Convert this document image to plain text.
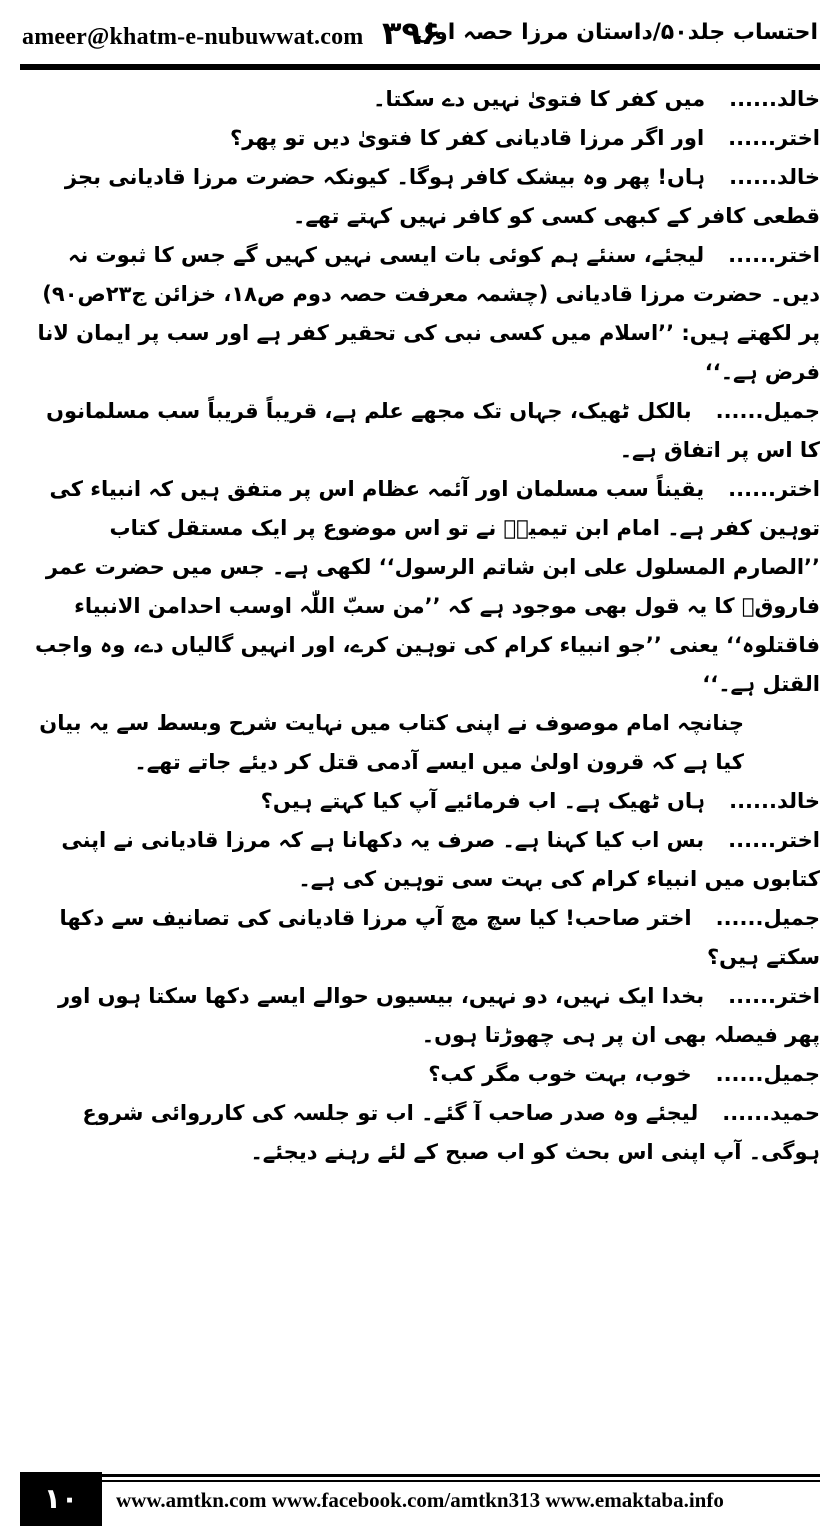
ameer@khatm-e-nubuwwat.com ۳۹۶
احتساب جلد۵۰/داستان مرزا حصہ اول

خالد......میں کفر کا فتویٰ نہیں دے سکتا۔

اختر......اور اگر مرزا قادیانی کفر کا فتویٰ دیں تو پھر؟

خالد......ہاں! پھر وہ بیشک کافر ہوگا۔ کیونکہ حضرت مرزا قادیانی بجز قطعی کافر کے کبھی کسی کو کافر نہیں کہتے تھے۔

اختر......لیجئے، سنئے ہم کوئی بات ایسی نہیں کہیں گے جس کا ثبوت نہ دیں۔ حضرت مرزا قادیانی (چشمہ معرفت حصہ دوم ص۱۸، خزائن ج۲۳ص۹۰) پر لکھتے ہیں: ’’اسلام میں کسی نبی کی تحقیر کفر ہے اور سب پر ایمان لانا فرض ہے۔‘‘

جمیل......بالکل ٹھیک، جہاں تک مجھے علم ہے، قریباً قریباً سب مسلمانوں کا اس پر اتفاق ہے۔

اختر......یقیناً سب مسلمان اور آئمہ عظام اس پر متفق ہیں کہ انبیاء کی توہین کفر ہے۔ امام ابن تیمیہؒ نے تو اس موضوع پر ایک مستقل کتاب ’’الصارم المسلول علی ابن شاتم الرسول‘‘ لکھی ہے۔ جس میں حضرت عمر فاروقؓ کا یہ قول بھی موجود ہے کہ ’’من سبّ اللّٰہ اوسب احدامن الانبیاء فاقتلوہ‘‘ یعنی ’’جو انبیاء کرام کی توہین کرے، اور انہیں گالیاں دے، وہ واجب القتل ہے۔‘‘

چنانچہ امام موصوف نے اپنی کتاب میں نہایت شرح وبسط سے یہ بیان کیا ہے کہ قرون اولیٰ میں ایسے آدمی قتل کر دیئے جاتے تھے۔

خالد......ہاں ٹھیک ہے۔ اب فرمائیے آپ کیا کہتے ہیں؟

اختر......بس اب کیا کہنا ہے۔ صرف یہ دکھانا ہے کہ مرزا قادیانی نے اپنی کتابوں میں انبیاء کرام کی بہت سی توہین کی ہے۔

جمیل......اختر صاحب! کیا سچ مچ آپ مرزا قادیانی کی تصانیف سے دکھا سکتے ہیں؟

اختر......بخدا ایک نہیں، دو نہیں، بیسیوں حوالے ایسے دکھا سکتا ہوں اور پھر فیصلہ بھی ان پر ہی چھوڑتا ہوں۔

جمیل......خوب، بہت خوب مگر کب؟

حمید......لیجئے وہ صدر صاحب آ گئے۔ اب تو جلسہ کی کارروائی شروع ہوگی۔ آپ اپنی اس بحث کو اب صبح کے لئے رہنے دیجئے۔

۱۰	www.amtkn.com www.facebook.com/amtkn313 www.emaktaba.info
